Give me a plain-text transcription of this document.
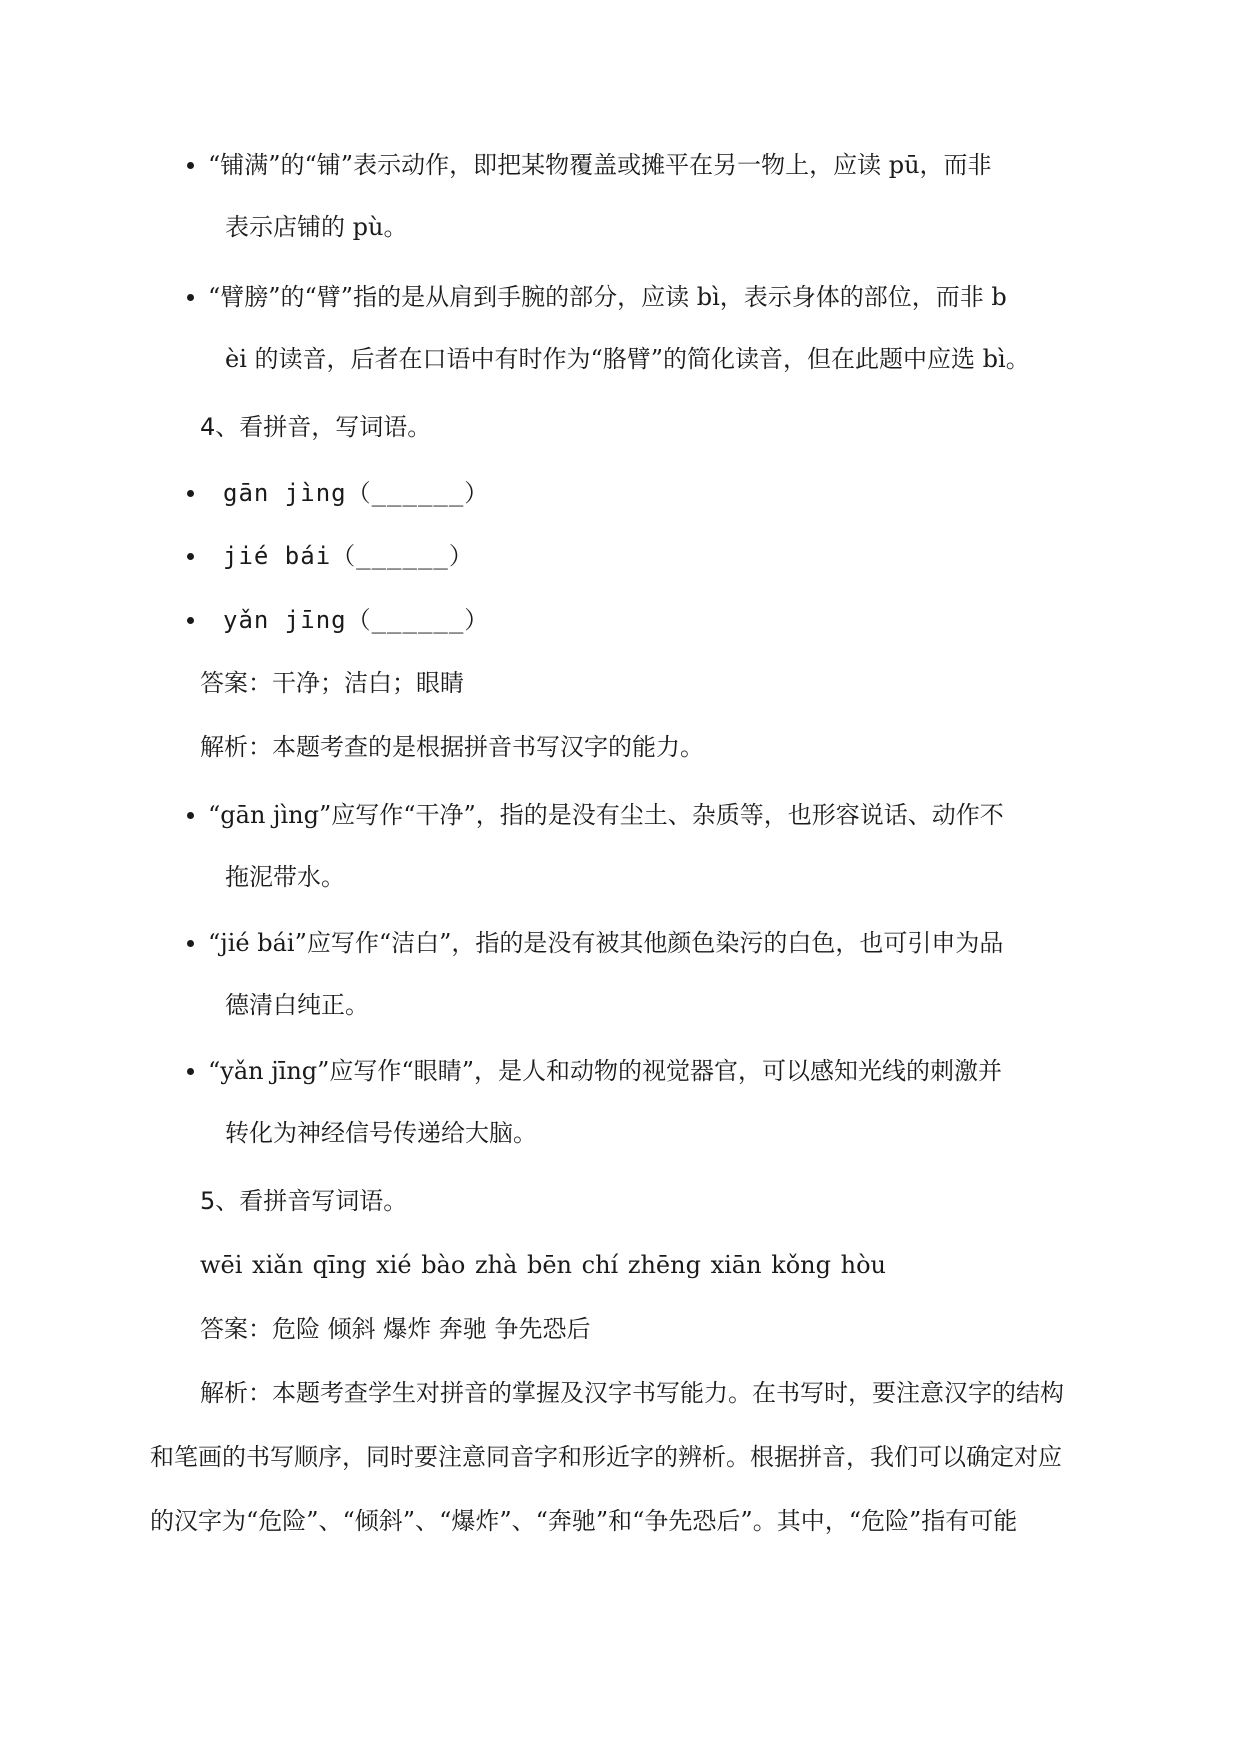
“铺满”的“铺”表示动作，即把某物覆盖或摊平在另一物上，应读 pū，而非
表示店铺的 pù。
“臂膀”的“臂”指的是从肩到手腕的部分，应读 bì，表示身体的部位，而非 b
èi 的读音，后者在口语中有时作为“胳臂”的简化读音，但在此题中应选 bì。
4、看拼音，写词语。
gān jìng（______）
jié bái（______）
yǎn jīng（______）
答案：干净；洁白；眼睛
解析：本题考查的是根据拼音书写汉字的能力。
“gān jìng”应写作“干净”，指的是没有尘土、杂质等，也形容说话、动作不
拖泥带水。
“jié bái”应写作“洁白”，指的是没有被其他颜色染污的白色，也可引申为品
德清白纯正。
“yǎn jīng”应写作“眼睛”，是人和动物的视觉器官，可以感知光线的刺激并
转化为神经信号传递给大脑。
5、看拼音写词语。
wēi xiǎn qīng xié bào zhà bēn chí zhēng xiān kǒng hòu
答案：危险 倾斜 爆炸 奔驰 争先恐后
解析：本题考查学生对拼音的掌握及汉字书写能力。在书写时，要注意汉字的结构
和笔画的书写顺序，同时要注意同音字和形近字的辨析。根据拼音，我们可以确定对应
的汉字为“危险”、“倾斜”、“爆炸”、“奔驰”和“争先恐后”。其中，“危险”指有可能
